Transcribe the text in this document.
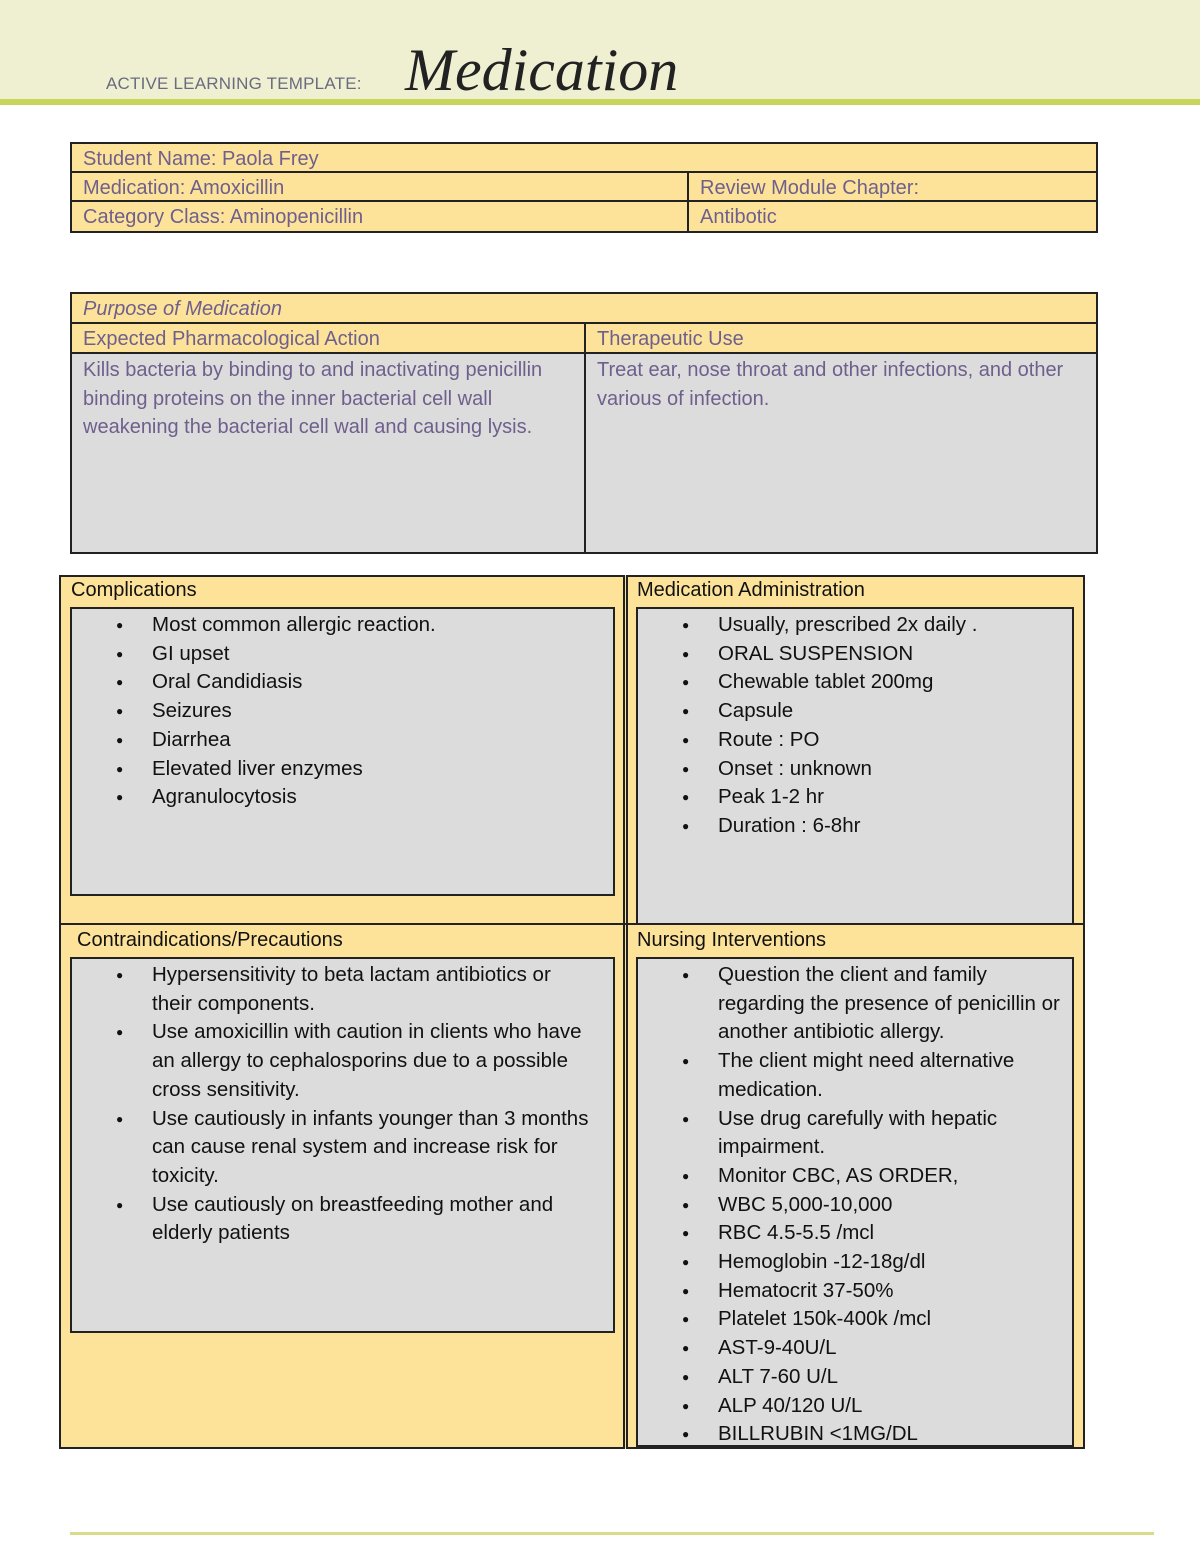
ACTIVE LEARNING TEMPLATE: Medication
Student Name: Paola Frey
Medication: Amoxicillin	Review Module Chapter:
Category Class: Aminopenicillin	Antibotic
Purpose of Medication
Expected Pharmacological Action	Therapeutic Use
Kills bacteria by binding to and inactivating penicillin binding proteins on the inner bacterial cell wall weakening the bacterial cell wall and causing lysis.
Treat ear, nose throat and other infections, and other various of infection.
Complications
● Most common allergic reaction.
● GI upset
● Oral Candidiasis
● Seizures
● Diarrhea
● Elevated liver enzymes
● Agranulocytosis
Medication Administration
● Usually, prescribed 2x daily .
● ORAL SUSPENSION
● Chewable tablet 200mg
● Capsule
● Route : PO
● Onset : unknown
● Peak 1-2 hr
● Duration : 6-8hr
Contraindications/Precautions
● Hypersensitivity to beta lactam antibiotics or their components.
● Use amoxicillin with caution in clients who have an allergy to cephalosporins due to a possible cross sensitivity.
● Use cautiously in infants younger than 3 months can cause renal system and increase risk for toxicity.
● Use cautiously on breastfeeding mother and elderly patients
Nursing Interventions
● Question the client and family regarding the presence of penicillin or another antibiotic allergy.
● The client might need alternative medication.
● Use drug carefully with hepatic impairment.
● Monitor CBC, AS ORDER,
● WBC 5,000-10,000
● RBC 4.5-5.5 /mcl
● Hemoglobin -12-18g/dl
● Hematocrit 37-50%
● Platelet 150k-400k /mcl
● AST-9-40U/L
● ALT 7-60 U/L
● ALP 40/120 U/L
● BILLRUBIN <1MG/DL
